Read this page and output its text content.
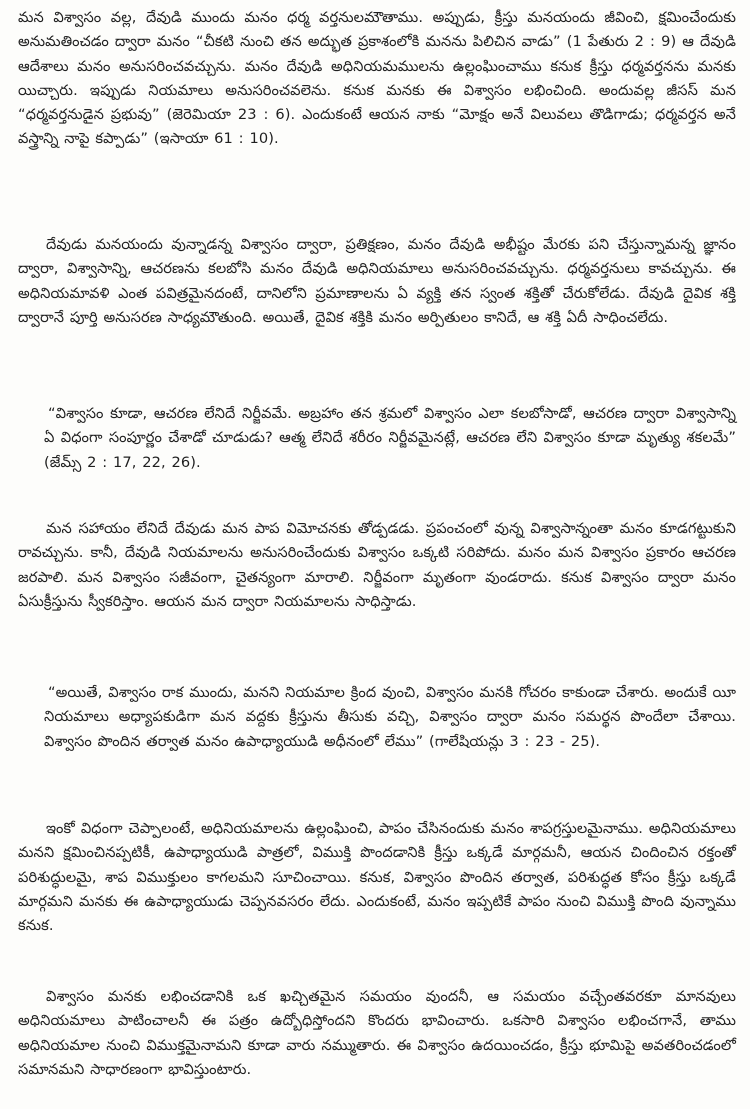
మన విశ్వాసం వల్ల, దేవుడి ముందు మనం ధర్మ వర్తనులమౌతాము. అప్పుడు, క్రీస్తు మనయందు జీవించి, క్షమించేందుకు అనుమతించడం ద్వారా మనం “చీకటి నుంచి తన అద్భుత ప్రకాశంలోకి మనను పిలిచిన వాడు” (1 పేతురు 2 : 9) ఆ దేవుడి ఆదేశాలు మనం అనుసరించవచ్చును. మనం దేవుడి అధినియమములను ఉల్లంఘించాము కనుక క్రీస్తు ధర్మవర్తనను మనకు యిచ్చారు. ఇప్పుడు నియమాలు అనుసరించవలెను. కనుక మనకు ఈ విశ్వాసం లభించింది. అందువల్ల జీసస్ మన “ధర్మవర్తనుడైన ప్రభువు” (జెరెమియా 23 : 6). ఎందుకంటే ఆయన నాకు “మోక్షం అనే విలువలు తొడిగాడు; ధర్మవర్తన అనే వస్త్రాన్ని నాపై కప్పాడు” (ఇసాయా 61 : 10).

దేవుడు మనయందు వున్నాడన్న విశ్వాసం ద్వారా, ప్రతిక్షణం, మనం దేవుడి అభీష్టం మేరకు పని చేస్తున్నామన్న జ్ఞానం ద్వారా, విశ్వాసాన్ని, ఆచరణను కలబోసి మనం దేవుడి అధినియమాలు అనుసరించవచ్చును. ధర్మవర్తనులు కావచ్చును. ఈ అధినియమావళి ఎంత పవిత్రమైనదంటే, దానిలోని ప్రమాణాలను ఏ వ్యక్తి తన స్వంత శక్తితో చేరుకోలేడు. దేవుడి దైవిక శక్తి ద్వారానే పూర్తి అనుసరణ సాధ్యమౌతుంది. అయితే, దైవిక శక్తికి మనం అర్పితులం కానిదే, ఆ శక్తి ఏదీ సాధించలేదు.

“విశ్వాసం కూడా, ఆచరణ లేనిదే నిర్జీవమే. అబ్రహాం తన శ్రమలో విశ్వాసం ఎలా కలబోసాడో, ఆచరణ ద్వారా విశ్వాసాన్ని ఏ విధంగా సంపూర్ణం చేశాడో చూడుడు? ఆత్మ లేనిదే శరీరం నిర్జీవమైనట్లే, ఆచరణ లేని విశ్వాసం కూడా మృత్యు శకలమే” (జేమ్స్ 2 : 17, 22, 26).

మన సహాయం లేనిదే దేవుడు మన పాప విమోచనకు తోడ్పడడు. ప్రపంచంలో వున్న విశ్వాసాన్నంతా మనం కూడగట్టుకుని రావచ్చును. కానీ, దేవుడి నియమాలను అనుసరించేందుకు విశ్వాసం ఒక్కటి సరిపోదు. మనం మన విశ్వాసం ప్రకారం ఆచరణ జరపాలి. మన విశ్వాసం సజీవంగా, చైతన్యంగా మారాలి. నిర్జీవంగా మృతంగా వుండరాదు. కనుక విశ్వాసం ద్వారా మనం ఏసుక్రీస్తును స్వీకరిస్తాం. ఆయన మన ద్వారా నియమాలను సాధిస్తాడు.

“అయితే, విశ్వాసం రాక ముందు, మనని నియమాల క్రింద వుంచి, విశ్వాసం మనకి గోచరం కాకుండా చేశారు. అందుకే యీ నియమాలు అధ్యాపకుడిగా మన వద్దకు క్రీస్తును తీసుకు వచ్చి, విశ్వాసం ద్వారా మనం సమర్థన పొందేలా చేశాయి. విశ్వాసం పొందిన తర్వాత మనం ఉపాధ్యాయుడి అధీనంలో లేము” (గాలేషియన్లు 3 : 23 - 25).

ఇంకో విధంగా చెప్పాలంటే, అధినియమాలను ఉల్లంఘించి, పాపం చేసినందుకు మనం శాపగ్రస్తులమైనాము. అధినియమాలు మనని క్షమించినప్పటికీ, ఉపాధ్యాయుడి పాత్రలో, విముక్తి పొందడానికి క్రీస్తు ఒక్కడే మార్గమనీ, ఆయన చిందించిన రక్తంతో పరిశుద్ధులమై, శాప విముక్తులం కాగలమని సూచించాయి. కనుక, విశ్వాసం పొందిన తర్వాత, పరిశుద్ధత కోసం క్రీస్తు ఒక్కడే మార్గమని మనకు ఈ ఉపాధ్యాయుడు చెప్పనవసరం లేదు. ఎందుకంటే, మనం ఇప్పటికే పాపం నుంచి విముక్తి పొంది వున్నాము కనుక.

విశ్వాసం మనకు లభించడానికి ఒక ఖచ్చితమైన సమయం వుందనీ, ఆ సమయం వచ్చేంతవరకూ మానవులు అధినియమాలు పాటించాలనీ ఈ పత్రం ఉద్బోధిస్తోందని కొందరు భావించారు. ఒకసారి విశ్వాసం లభించగానే, తాము అధినియమాల నుంచి విముక్తమైనామని కూడా వారు నమ్ముతారు. ఈ విశ్వాసం ఉదయించడం, క్రీస్తు భూమిపై అవతరించడంలో సమానమని సాధారణంగా భావిస్తుంటారు.
